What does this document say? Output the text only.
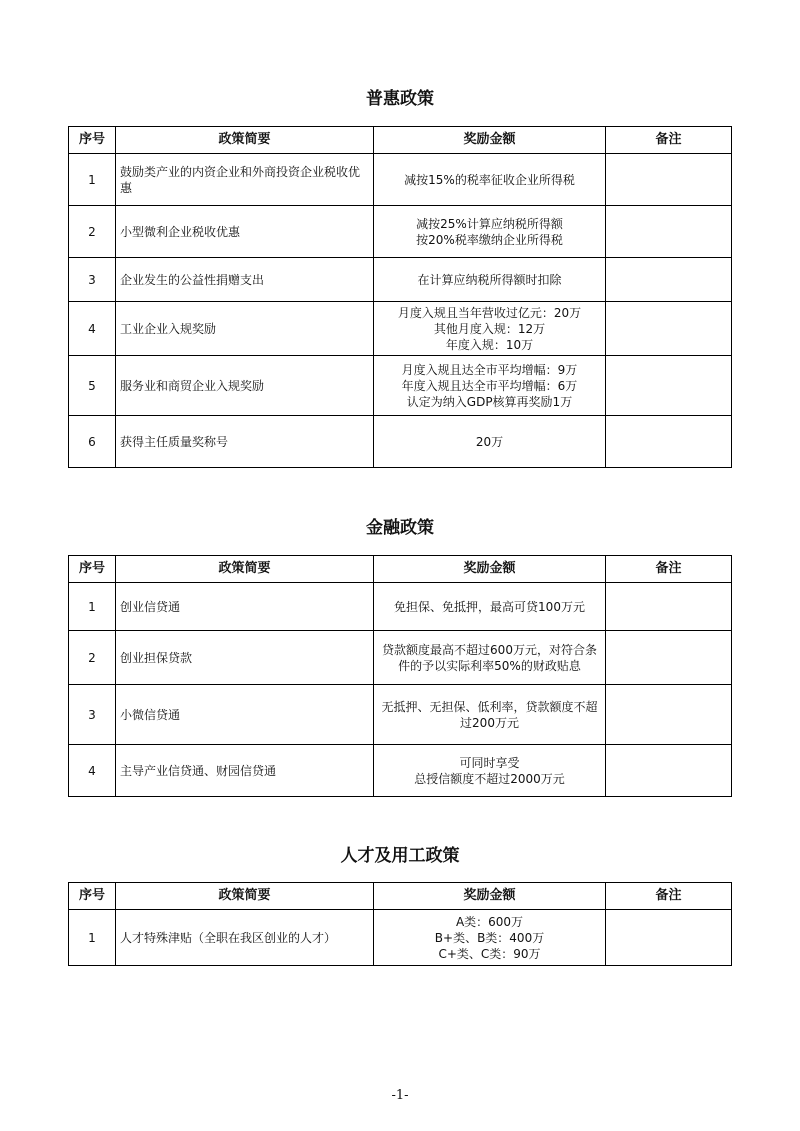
普惠政策
序号	政策简要	奖励金额	备注
1	鼓励类产业的内资企业和外商投资企业税收优惠	减按15%的税率征收企业所得税	

2	小型微利企业税收优惠	减按25%计算应纳税所得额
按20%税率缴纳企业所得税	

3	企业发生的公益性捐赠支出	在计算应纳税所得额时扣除	

4	工业企业入规奖励	月度入规且当年营收过亿元：20万
其他月度入规：12万
年度入规：10万	

5	服务业和商贸企业入规奖励	月度入规且达全市平均增幅：9万
年度入规且达全市平均增幅：6万
认定为纳入GDP核算再奖励1万	

6	获得主任质量奖称号	20万	

金融政策
序号	政策简要	奖励金额	备注
1	创业信贷通	免担保、免抵押，最高可贷100万元	

2	创业担保贷款	贷款额度最高不超过600万元，对符合条件的予以实际利率50%的财政贴息	

3	小微信贷通	无抵押、无担保、低利率，贷款额度不超过200万元	

4	主导产业信贷通、财园信贷通	可同时享受
总授信额度不超过2000万元	

人才及用工政策
序号	政策简要	奖励金额	备注
1	人才特殊津贴（全职在我区创业的人才）	A类：600万
B+类、B类：400万
C+类、C类：90万	

-1-
